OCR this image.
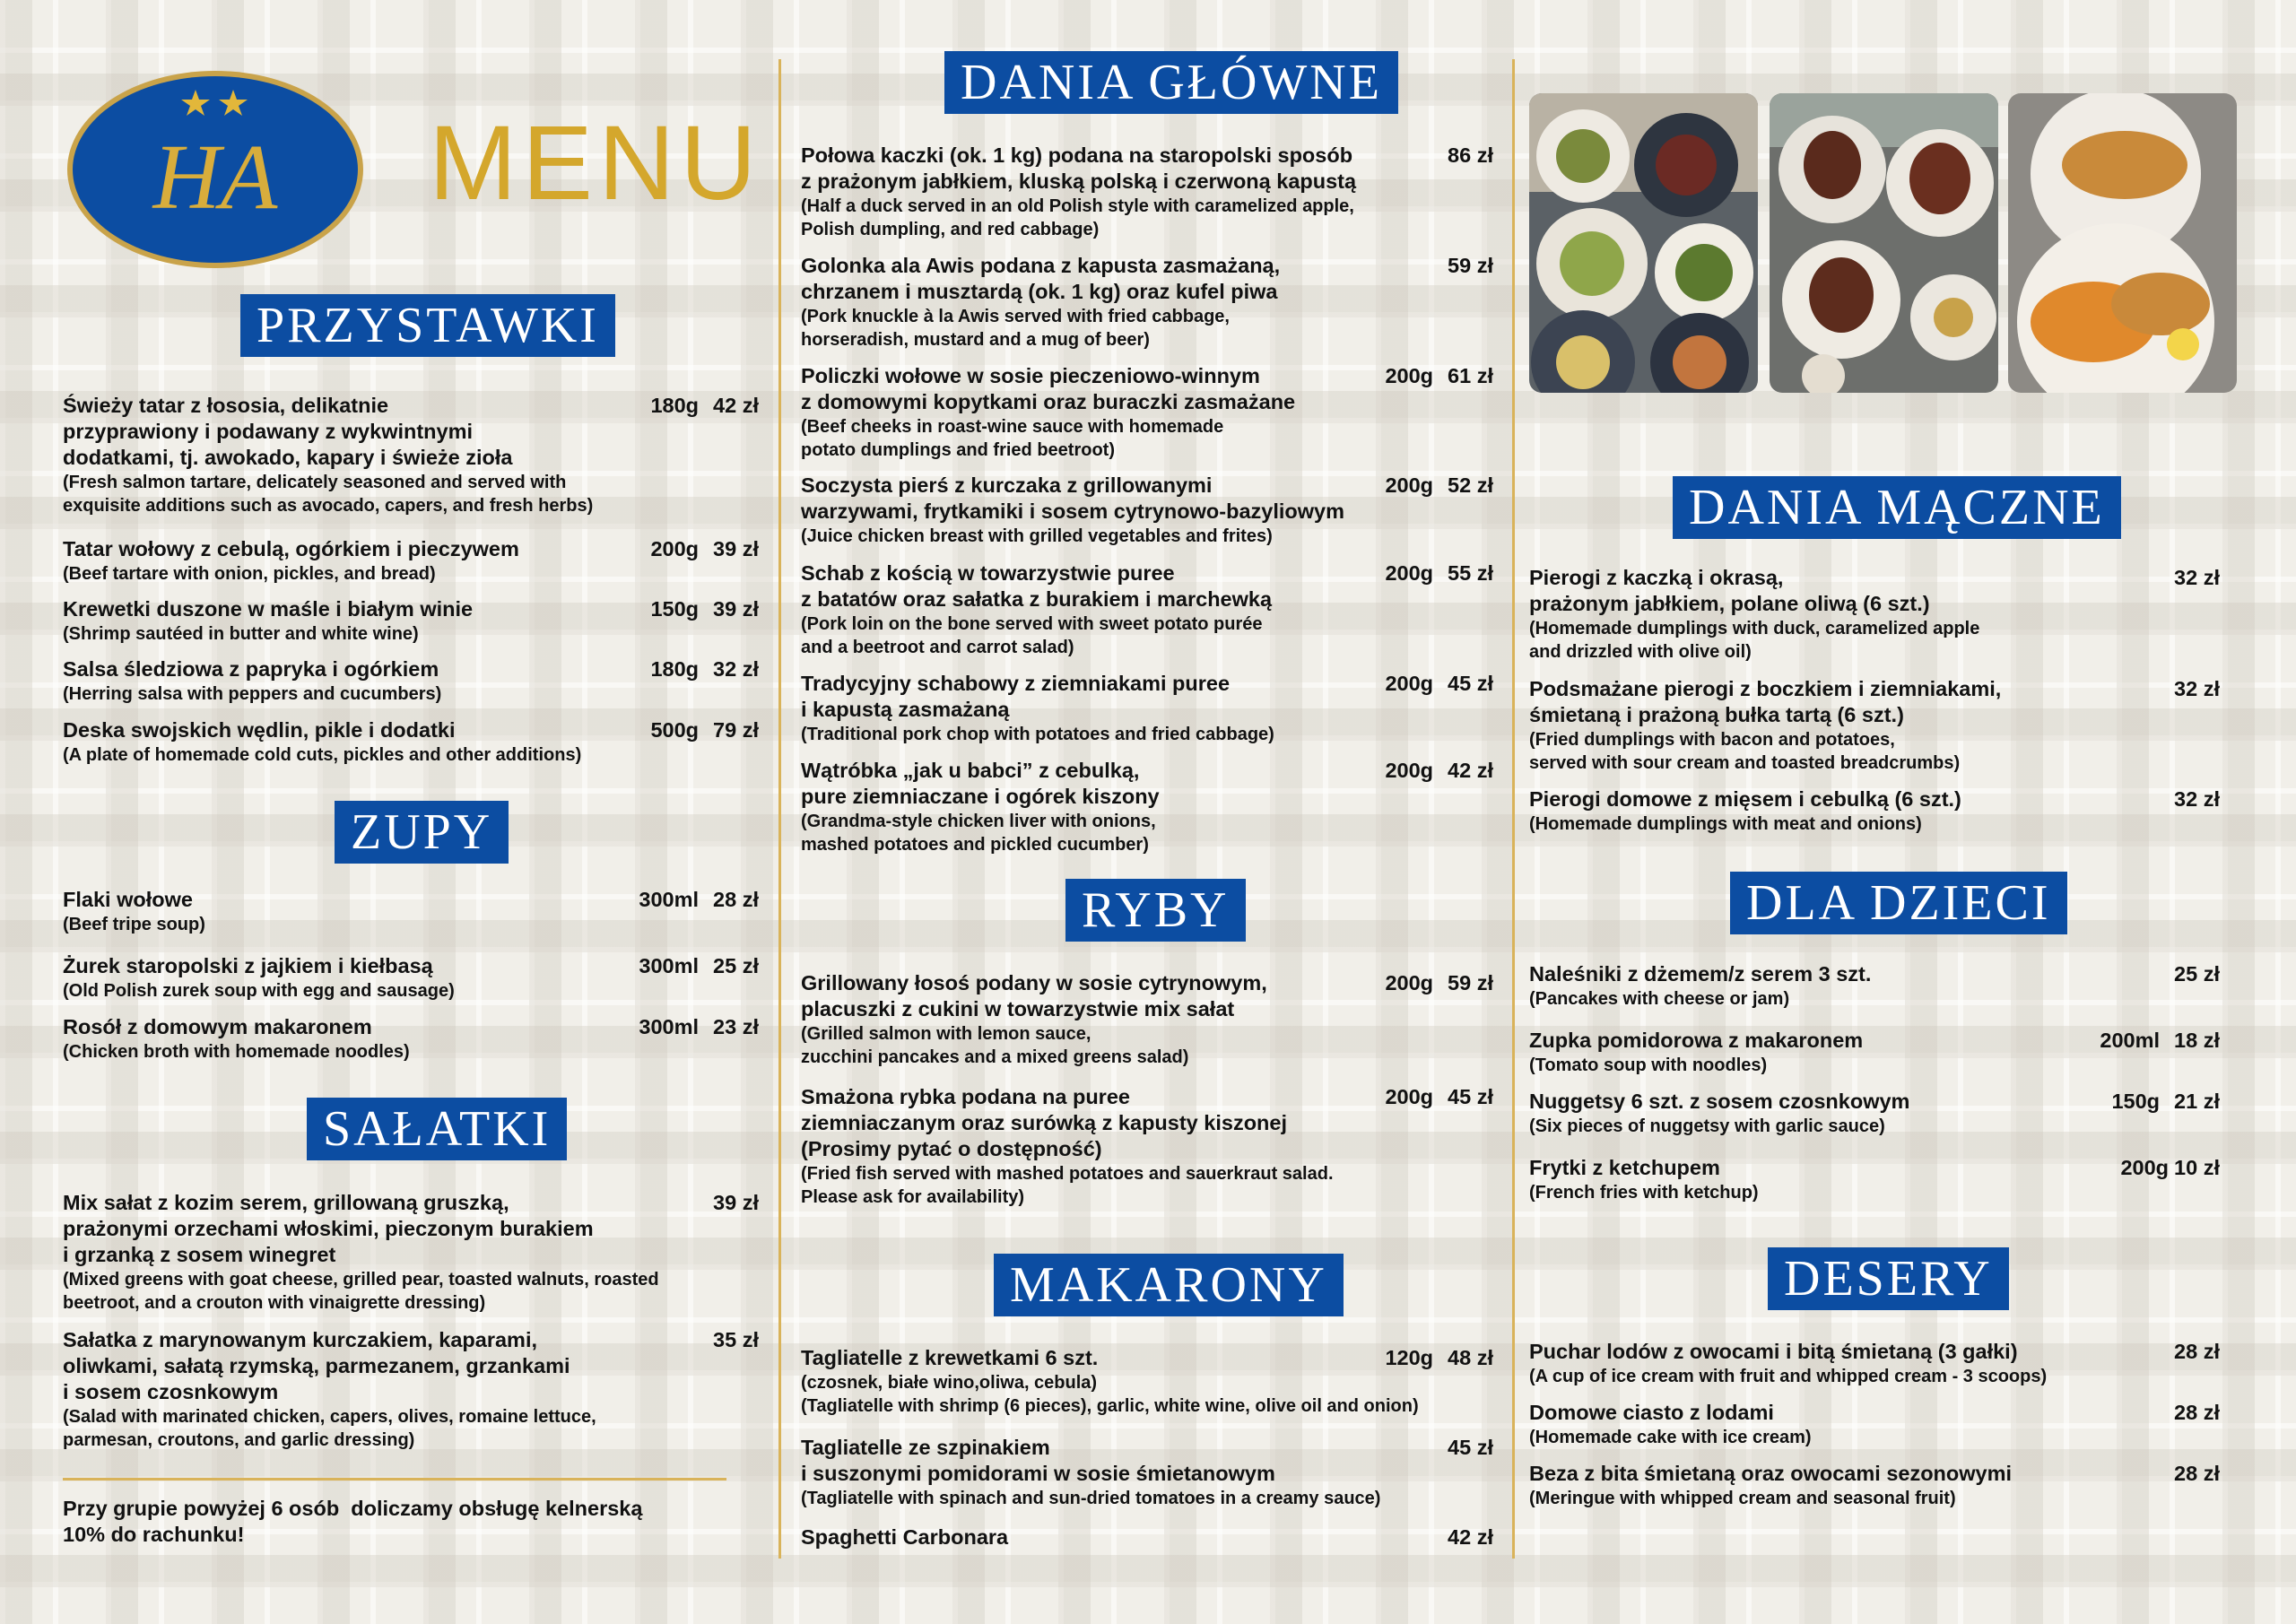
HA MENU
PRZYSTAWKI
Świeży tatar z łososia, delikatnie
przyprawiony i podawany z wykwintnymi
dodatkami, tj. awokado, kapary i świeże zioła
(Fresh salmon tartare, delicately seasoned and served with
exquisite additions such as avocado, capers, and fresh herbs)
180g 42 zł
Tatar wołowy z cebulą, ogórkiem i pieczywem
(Beef tartare with onion, pickles, and bread)
200g 39 zł
Krewetki duszone w maśle i białym winie
(Shrimp sautéed in butter and white wine)
150g 39 zł
Salsa śledziowa z papryka i ogórkiem
(Herring salsa with peppers and cucumbers)
180g 32 zł
Deska swojskich wędlin, pikle i dodatki
(A plate of homemade cold cuts, pickles and other additions)
500g 79 zł
ZUPY
Flaki wołowe
(Beef tripe soup)
300ml 28 zł
Żurek staropolski z jajkiem i kiełbasą
(Old Polish zurek soup with egg and sausage)
300ml 25 zł
Rosół z domowym makaronem
(Chicken broth with homemade noodles)
300ml 23 zł
SAŁATKI
Mix sałat z kozim serem, grillowaną gruszką,
prażonymi orzechami włoskimi, pieczonym burakiem
i grzanką z sosem winegret
(Mixed greens with goat cheese, grilled pear, toasted walnuts, roasted
beetroot, and a crouton with vinaigrette dressing)
39 zł
Sałatka z marynowanym kurczakiem, kaparami,
oliwkami, sałatą rzymską, parmezanem, grzankami
i sosem czosnkowym
(Salad with marinated chicken, capers, olives, romaine lettuce,
parmesan, croutons, and garlic dressing)
35 zł
Przy grupie powyżej 6 osób  doliczamy obsługę kelnerską
10% do rachunku!
DANIA GŁÓWNE
Połowa kaczki (ok. 1 kg) podana na staropolski sposób
z prażonym jabłkiem, kluską polską i czerwoną kapustą
(Half a duck served in an old Polish style with caramelized apple,
Polish dumpling, and red cabbage)
86 zł
Golonka ala Awis podana z kapusta zasmażaną,
chrzanem i musztardą (ok. 1 kg) oraz kufel piwa
(Pork knuckle à la Awis served with fried cabbage,
horseradish, mustard and a mug of beer)
59 zł
Policzki wołowe w sosie pieczeniowo-winnym
z domowymi kopytkami oraz buraczki zasmażane
(Beef cheeks in roast-wine sauce with homemade
potato dumplings and fried beetroot)
200g 61 zł
Soczysta pierś z kurczaka z grillowanymi
warzywami, frytkamiki i sosem cytrynowo-bazyliowym
(Juice chicken breast with grilled vegetables and frites)
200g 52 zł
Schab z kością w towarzystwie puree
z batatów oraz sałatka z burakiem i marchewką
(Pork loin on the bone served with sweet potato purée
and a beetroot and carrot salad)
200g 55 zł
Tradycyjny schabowy z ziemniakami puree
i kapustą zasmażaną
(Traditional pork chop with potatoes and fried cabbage)
200g 45 zł
Wątróbka „jak u babci” z cebulką,
pure ziemniaczane i ogórek kiszony
(Grandma-style chicken liver with onions,
mashed potatoes and pickled cucumber)
200g 42 zł
RYBY
Grillowany łosoś podany w sosie cytrynowym,
placuszki z cukini w towarzystwie mix sałat
(Grilled salmon with lemon sauce,
zucchini pancakes and a mixed greens salad)
200g 59 zł
Smażona rybka podana na puree
ziemniaczanym oraz surówką z kapusty kiszonej
(Prosimy pytać o dostępność)
(Fried fish served with mashed potatoes and sauerkraut salad.
Please ask for availability)
200g 45 zł
MAKARONY
Tagliatelle z krewetkami 6 szt.
(czosnek, białe wino,oliwa, cebula)
(Tagliatelle with shrimp (6 pieces), garlic, white wine, olive oil and onion)
120g 48 zł
Tagliatelle ze szpinakiem
i suszonymi pomidorami w sosie śmietanowym
(Tagliatelle with spinach and sun-dried tomatoes in a creamy sauce)
45 zł
Spaghetti Carbonara	42 zł
DANIA MĄCZNE
Pierogi z kaczką i okrasą,
prażonym jabłkiem, polane oliwą (6 szt.)
(Homemade dumplings with duck, caramelized apple
and drizzled with olive oil)
32 zł
Podsmażane pierogi z boczkiem i ziemniakami,
śmietaną i prażoną bułka tartą (6 szt.)
(Fried dumplings with bacon and potatoes,
served with sour cream and toasted breadcrumbs)
32 zł
Pierogi domowe z mięsem i cebulką (6 szt.)
(Homemade dumplings with meat and onions)
32 zł
DLA DZIECI
Naleśniki z dżemem/z serem 3 szt.
(Pancakes with cheese or jam)
25 zł
Zupka pomidorowa z makaronem
(Tomato soup with noodles)
200ml 18 zł
Nuggetsy 6 szt. z sosem czosnkowym
(Six pieces of nuggetsy with garlic sauce)
150g 21 zł
Frytki z ketchupem
(French fries with ketchup)
200g 10 zł
DESERY
Puchar lodów z owocami i bitą śmietaną (3 gałki)
(A cup of ice cream with fruit and whipped cream - 3 scoops)
28 zł
Domowe ciasto z lodami
(Homemade cake with ice cream)
28 zł
Beza z bita śmietaną oraz owocami sezonowymi
(Meringue with whipped cream and seasonal fruit)
28 zł
